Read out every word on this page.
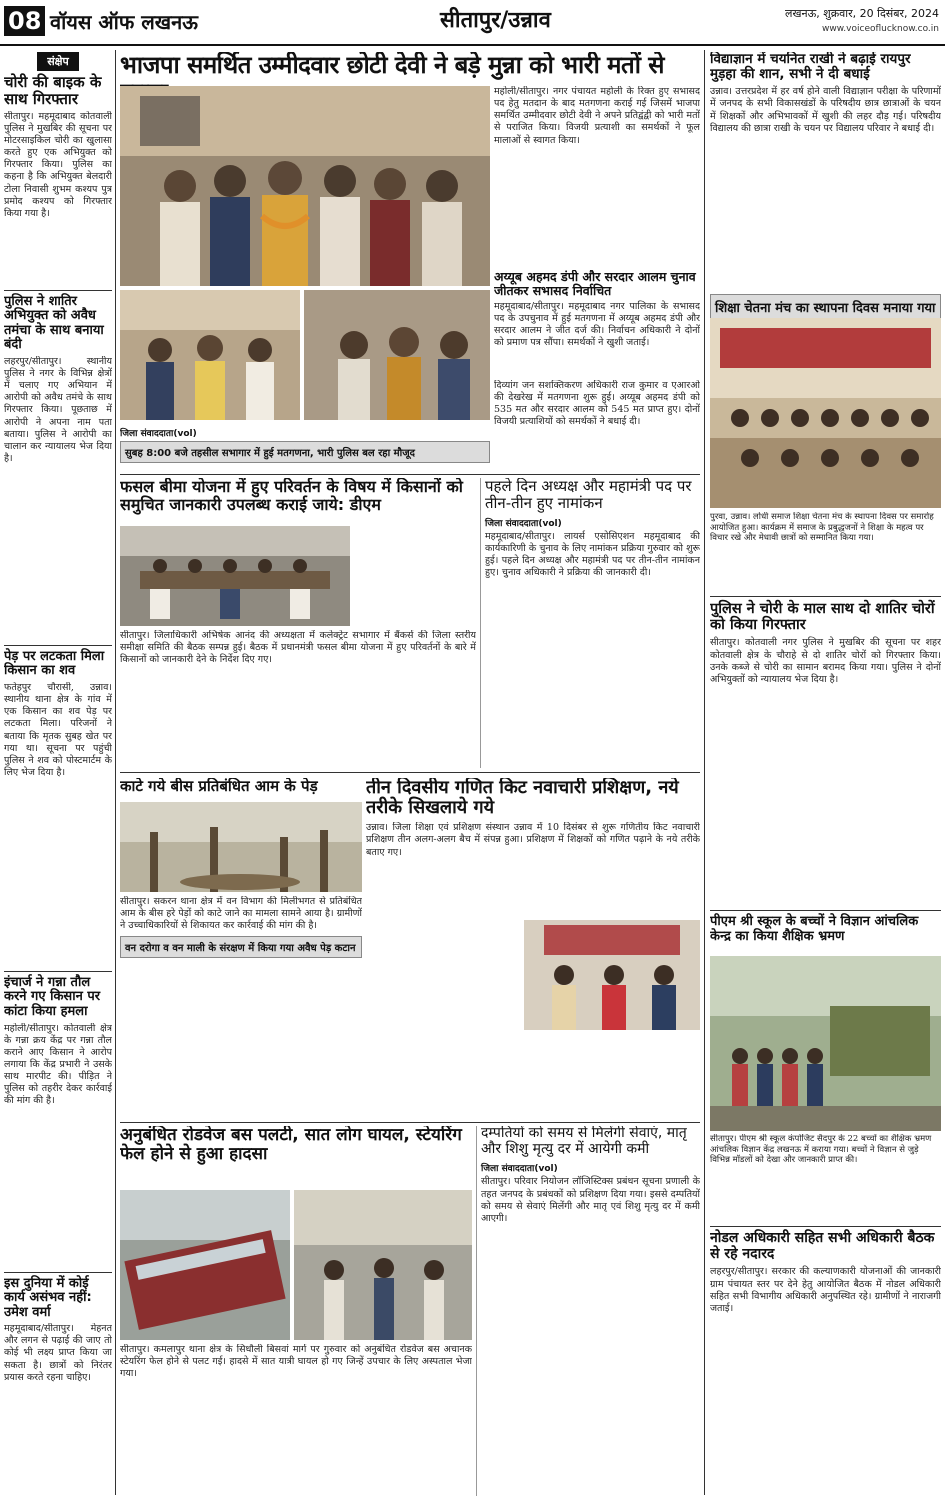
08 वॉयस ऑफ लखनऊ	सीतापुर/उन्नाव	लखनऊ, शुक्रवार, 20 दिसंबर, 2024
www.voiceoflucknow.co.in
संक्षेप
चोरी की बाइक के साथ गिरफ्तार
सीतापुर। महमूदाबाद कोतवाली पुलिस ने मुखबिर की सूचना पर मोटरसाइकिल चोरी का खुलासा करते हुए एक अभियुक्त को गिरफ्तार किया। पुलिस का कहना है कि अभियुक्त बेलदारी टोला निवासी शुभम कश्यप पुत्र प्रमोद कश्यप को गिरफ्तार किया गया है।
पुलिस ने शातिर अभियुक्त को अवैध तमंचा के साथ बनाया बंदी
लहरपुर/सीतापुर। स्थानीय पुलिस ने नगर के विभिन्न क्षेत्रों में चलाए गए अभियान में आरोपी को अवैध तमंचे के साथ गिरफ्तार किया। पूछताछ में आरोपी ने अपना नाम पता बताया। पुलिस ने आरोपी का चालान कर न्यायालय भेज दिया है।
पेड़ पर लटकता मिला किसान का शव
फतेहपुर चौरासी, उन्नाव। स्थानीय थाना क्षेत्र के गांव में एक किसान का शव पेड़ पर लटकता मिला। परिजनों ने बताया कि मृतक सुबह खेत पर गया था। सूचना पर पहुंची पुलिस ने शव को पोस्टमार्टम के लिए भेज दिया है।
इंचार्ज ने गन्ना तौल करने गए किसान पर कांटा किया हमला
महोली/सीतापुर। कोतवाली क्षेत्र के गन्ना क्रय केंद्र पर गन्ना तौल कराने आए किसान ने आरोप लगाया कि केंद्र प्रभारी ने उसके साथ मारपीट की। पीड़ित ने पुलिस को तहरीर देकर कार्रवाई की मांग की है।
इस दुनिया में कोई कार्य असंभव नहीं: उमेश वर्मा
महमूदाबाद/सीतापुर। मेहनत और लगन से पढ़ाई की जाए तो कोई भी लक्ष्य प्राप्त किया जा सकता है। छात्रों को निरंतर प्रयास करते रहना चाहिए।
भाजपा समर्थित उम्मीदवार छोटी देवी ने बड़े मुन्ना को भारी मतों से
महोली/सीतापुर। नगर पंचायत महोली के रिक्त हुए सभासद पद हेतु मतदान के बाद मतगणना कराई गई जिसमें भाजपा समर्थित उम्मीदवार छोटी देवी ने अपने प्रतिद्वंद्वी को भारी मतों से पराजित किया। विजयी प्रत्याशी का समर्थकों ने फूल मालाओं से स्वागत किया।
अय्यूब अहमद डंपी और सरदार आलम चुनाव जीतकर सभासद निर्वाचित
महमूदाबाद/सीतापुर। महमूदाबाद नगर पालिका के सभासद पद के उपचुनाव में हुई मतगणना में अय्यूब अहमद डंपी और सरदार आलम ने जीत दर्ज की। निर्वाचन अधिकारी ने दोनों को प्रमाण पत्र सौंपा। समर्थकों ने खुशी जताई।
जिला संवाददाता(vol)
सुबह 8:00 बजे तहसील सभागार में हुई मतगणना, भारी पुलिस बल रहा मौजूद
दिव्यांग जन सशक्तिकरण अधिकारी राज कुमार व एआरओ की देखरेख में मतगणना शुरू हुई। अय्यूब अहमद डंपी को 535 मत और सरदार आलम को 545 मत प्राप्त हुए। दोनों विजयी प्रत्याशियों को समर्थकों ने बधाई दी।
फसल बीमा योजना में हुए परिवर्तन के विषय में किसानों को समुचित जानकारी उपलब्ध कराई जाये: डीएम
सीतापुर। जिलाधिकारी अभिषेक आनंद की अध्यक्षता में कलेक्ट्रेट सभागार में बैंकर्स की जिला स्तरीय समीक्षा समिति की बैठक सम्पन्न हुई। बैठक में प्रधानमंत्री फसल बीमा योजना में हुए परिवर्तनों के बारे में किसानों को जानकारी देने के निर्देश दिए गए।
पहले दिन अध्यक्ष और महामंत्री पद पर तीन-तीन हुए नामांकन
जिला संवाददाता(vol)
महमूदाबाद/सीतापुर। लायर्स एसोसिएशन महमूदाबाद की कार्यकारिणी के चुनाव के लिए नामांकन प्रक्रिया गुरुवार को शुरू हुई। पहले दिन अध्यक्ष और महामंत्री पद पर तीन-तीन नामांकन हुए। चुनाव अधिकारी ने प्रक्रिया की जानकारी दी।
काटे गये बीस प्रतिबंधित आम के पेड़
सीतापुर। सकरन थाना क्षेत्र में वन विभाग की मिलीभगत से प्रतिबंधित आम के बीस हरे पेड़ों को काटे जाने का मामला सामने आया है। ग्रामीणों ने उच्चाधिकारियों से शिकायत कर कार्रवाई की मांग की है।
वन दरोगा व वन माली के संरक्षण में किया गया अवैध पेड़ कटान
तीन दिवसीय गणित किट नवाचारी प्रशिक्षण, नये तरीके सिखलाये गये
उन्नाव। जिला शिक्षा एवं प्रशिक्षण संस्थान उन्नाव में 10 दिसंबर से शुरू गणितीय किट नवाचारी प्रशिक्षण तीन अलग-अलग बैच में संपन्न हुआ। प्रशिक्षण में शिक्षकों को गणित पढ़ाने के नये तरीके बताए गए।
अनुबंधित रोडवेज बस पलटी, सात लोग घायल, स्टेयरिंग फेल होने से हुआ हादसा
सीतापुर। कमलापुर थाना क्षेत्र के सिधौली बिसवां मार्ग पर गुरुवार को अनुबंधित रोडवेज बस अचानक स्टेयरिंग फेल होने से पलट गई। हादसे में सात यात्री घायल हो गए जिन्हें उपचार के लिए अस्पताल भेजा गया।
दम्पतियों को समय से मिलेंगी सेवाएं, मातृ और शिशु मृत्यु दर में आयेगी कमी
जिला संवाददाता(vol)
सीतापुर। परिवार नियोजन लॉजिस्टिक्स प्रबंधन सूचना प्रणाली के तहत जनपद के प्रबंधकों को प्रशिक्षण दिया गया। इससे दम्पतियों को समय से सेवाएं मिलेंगी और मातृ एवं शिशु मृत्यु दर में कमी आएगी।
विद्याज्ञान में चयनित राखी ने बढ़ाई रायपुर मुड़हा की शान, सभी ने दी बधाई
उन्नाव। उत्तरप्रदेश में हर वर्ष होने वाली विद्याज्ञान परीक्षा के परिणामों में जनपद के सभी विकासखंडों के परिषदीय छात्र छात्राओं के चयन में शिक्षकों और अभिभावकों में खुशी की लहर दौड़ गई। परिषदीय विद्यालय की छात्रा राखी के चयन पर विद्यालय परिवार ने बधाई दी।
शिक्षा चेतना मंच का स्थापना दिवस मनाया गया
पुरवा, उन्नाव। लोधी समाज शिक्षा चेतना मंच के स्थापना दिवस पर समारोह आयोजित हुआ। कार्यक्रम में समाज के प्रबुद्धजनों ने शिक्षा के महत्व पर विचार रखे और मेधावी छात्रों को सम्मानित किया गया।
पुलिस ने चोरी के माल साथ दो शातिर चोरों को किया गिरफ्तार
सीतापुर। कोतवाली नगर पुलिस ने मुखबिर की सूचना पर शहर कोतवाली क्षेत्र के चौराहे से दो शातिर चोरों को गिरफ्तार किया। उनके कब्जे से चोरी का सामान बरामद किया गया। पुलिस ने दोनों अभियुक्तों को न्यायालय भेज दिया है।
पीएम श्री स्कूल के बच्चों ने विज्ञान आंचलिक केन्द्र का किया शैक्षिक भ्रमण
सीतापुर। पीएम श्री स्कूल कंपोजिट सैदपुर के 22 बच्चों का शैक्षिक भ्रमण आंचलिक विज्ञान केंद्र लखनऊ में कराया गया। बच्चों ने विज्ञान से जुड़े विभिन्न मॉडलों को देखा और जानकारी प्राप्त की।
नोडल अधिकारी सहित सभी अधिकारी बैठक से रहे नदारद
लहरपुर/सीतापुर। सरकार की कल्याणकारी योजनाओं की जानकारी ग्राम पंचायत स्तर पर देने हेतु आयोजित बैठक में नोडल अधिकारी सहित सभी विभागीय अधिकारी अनुपस्थित रहे। ग्रामीणों ने नाराजगी जताई।
